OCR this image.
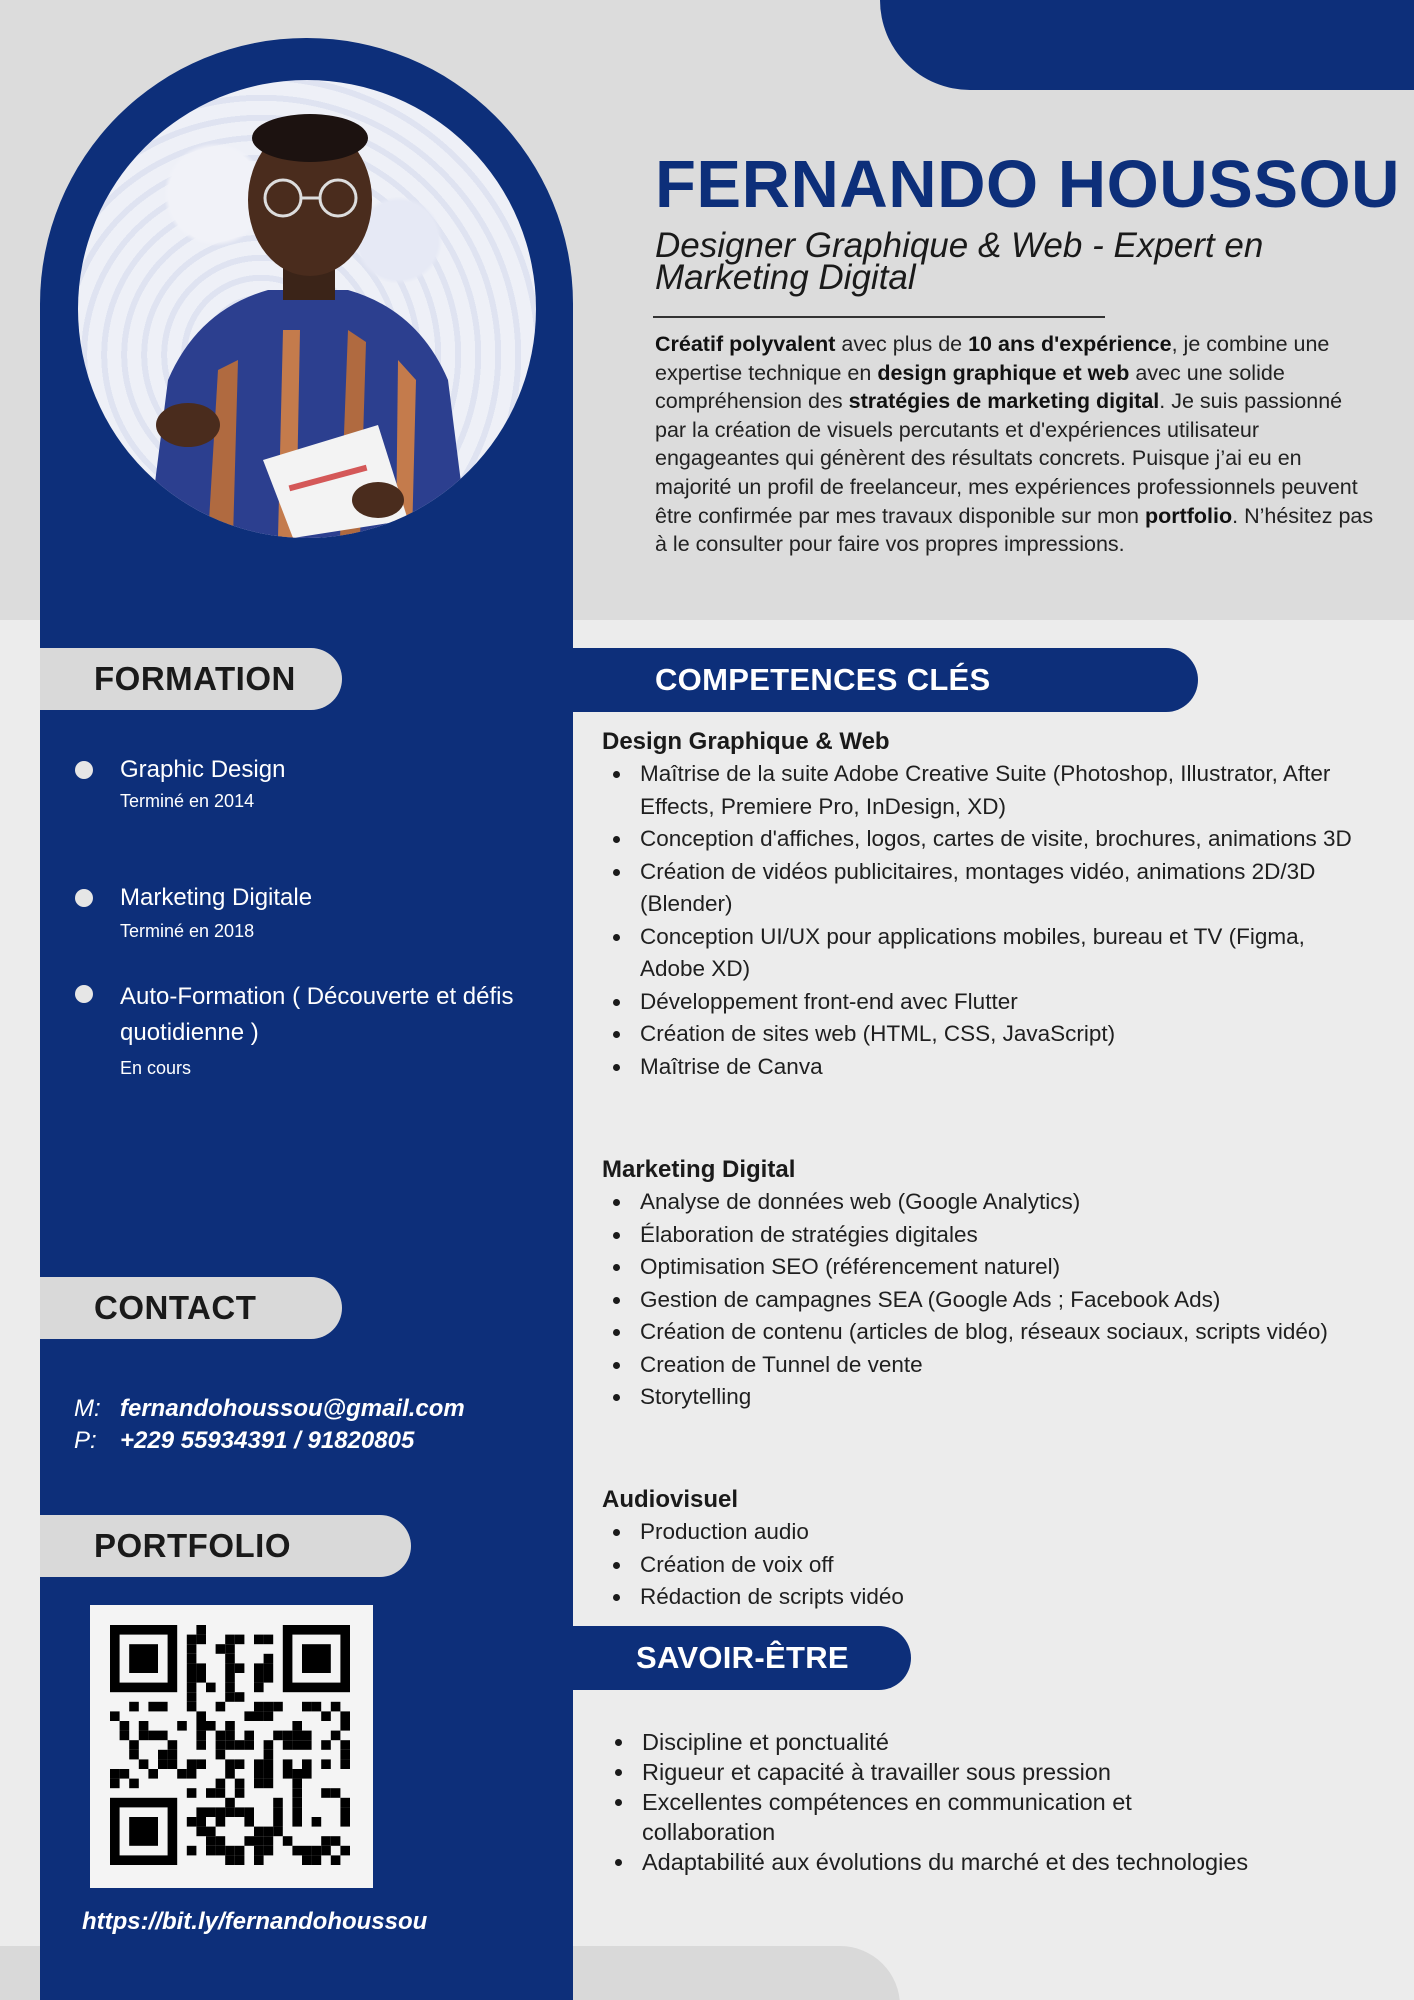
FERNANDO HOUSSOU
Designer Graphique & Web - Expert en Marketing Digital
Créatif polyvalent avec plus de 10 ans d'expérience, je combine une expertise technique en design graphique et web avec une solide compréhension des stratégies de marketing digital. Je suis passionné par la création de visuels percutants et d'expériences utilisateur engageantes qui génèrent des résultats concrets. Puisque j’ai eu en majorité un profil de freelanceur, mes expériences professionnels peuvent être confirmée par mes travaux disponible sur mon portfolio. N’hésitez pas à le consulter pour faire vos propres impressions.
FORMATION
Graphic Design
Terminé en 2014
Marketing Digitale
Terminé en 2018
Auto-Formation ( Découverte et défis quotidienne )
En cours
CONTACT
M: fernandohoussou@gmail.com
P: +229 55934391 / 91820805
PORTFOLIO
https://bit.ly/fernandohoussou
COMPETENCES CLÉS
Design Graphique & Web
Maîtrise de la suite Adobe Creative Suite (Photoshop, Illustrator, After Effects, Premiere Pro, InDesign, XD)
Conception d'affiches, logos, cartes de visite, brochures, animations 3D
Création de vidéos publicitaires, montages vidéo, animations 2D/3D (Blender)
Conception UI/UX pour applications mobiles, bureau et TV (Figma, Adobe XD)
Développement front-end avec Flutter
Création de sites web (HTML, CSS, JavaScript)
Maîtrise de Canva
Marketing Digital
Analyse de données web (Google Analytics)
Élaboration de stratégies digitales
Optimisation SEO (référencement naturel)
Gestion de campagnes SEA (Google Ads ; Facebook Ads)
Création de contenu (articles de blog, réseaux sociaux, scripts vidéo)
Creation de Tunnel de vente
Storytelling
Audiovisuel
Production audio
Création de voix off
Rédaction de scripts vidéo
SAVOIR-ÊTRE
Discipline et ponctualité
Rigueur et capacité à travailler sous pression
Excellentes compétences en communication et collaboration
Adaptabilité aux évolutions du marché et des technologies
